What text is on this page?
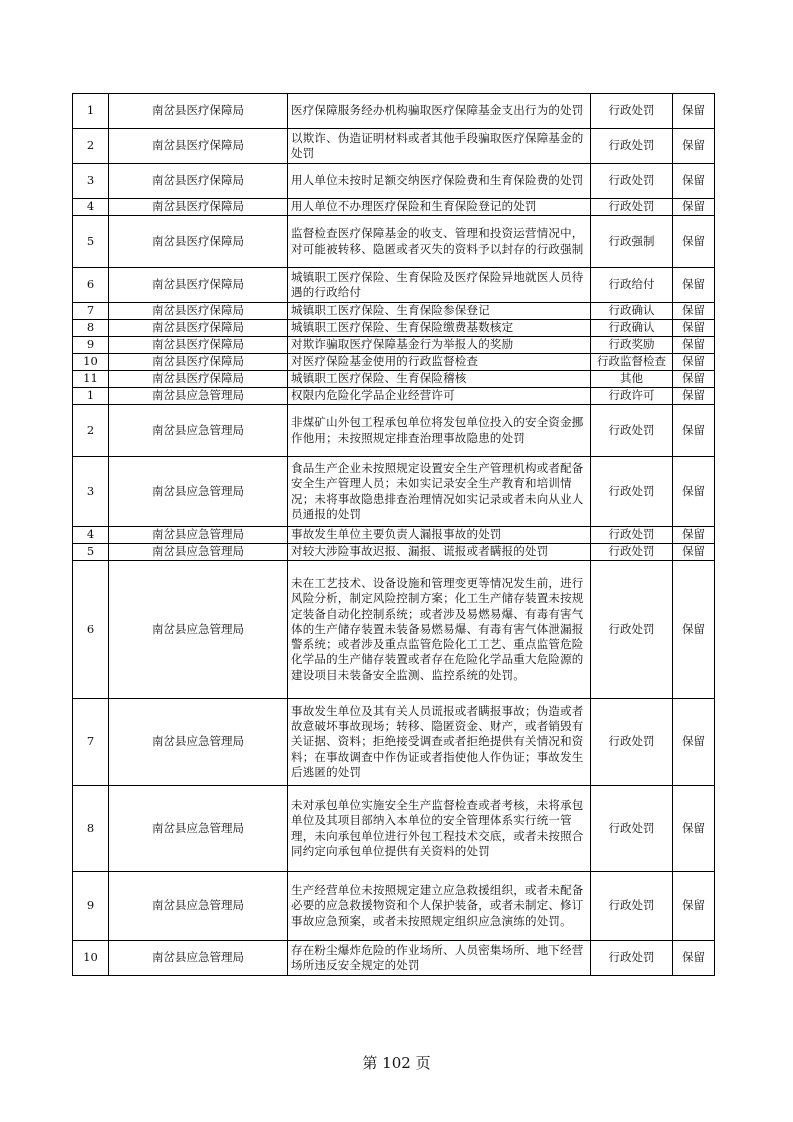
1	南岔县医疗保障局	医疗保障服务经办机构骗取医疗保障基金支出行为的处罚	行政处罚	保留
2	南岔县医疗保障局	以欺诈、伪造证明材料或者其他手段骗取医疗保障基金的处罚	行政处罚	保留
3	南岔县医疗保障局	用人单位未按时足额交纳医疗保险费和生育保险费的处罚	行政处罚	保留
4	南岔县医疗保障局	用人单位不办理医疗保险和生育保险登记的处罚	行政处罚	保留
5	南岔县医疗保障局	监督检查医疗保障基金的收支、管理和投资运营情况中，对可能被转移、隐匿或者灭失的资料予以封存的行政强制	行政强制	保留
6	南岔县医疗保障局	城镇职工医疗保险、生育保险及医疗保险异地就医人员待遇的行政给付	行政给付	保留
7	南岔县医疗保障局	城镇职工医疗保险、生育保险参保登记	行政确认	保留
8	南岔县医疗保障局	城镇职工医疗保险、生育保险缴费基数核定	行政确认	保留
9	南岔县医疗保障局	对欺诈骗取医疗保障基金行为举报人的奖励	行政奖励	保留
10	南岔县医疗保障局	对医疗保险基金使用的行政监督检查	行政监督检查	保留
11	南岔县医疗保障局	城镇职工医疗保险、生育保险稽核	其他	保留
1	南岔县应急管理局	权限内危险化学品企业经营许可	行政许可	保留
2	南岔县应急管理局	非煤矿山外包工程承包单位将发包单位投入的安全资金挪作他用；未按照规定排查治理事故隐患的处罚	行政处罚	保留
3	南岔县应急管理局	食品生产企业未按照规定设置安全生产管理机构或者配备安全生产管理人员；未如实记录安全生产教育和培训情况；未将事故隐患排查治理情况如实记录或者未向从业人员通报的处罚	行政处罚	保留
4	南岔县应急管理局	事故发生单位主要负责人漏报事故的处罚	行政处罚	保留
5	南岔县应急管理局	对较大涉险事故迟报、漏报、谎报或者瞒报的处罚	行政处罚	保留
6	南岔县应急管理局	未在工艺技术、设备设施和管理变更等情况发生前，进行风险分析，制定风险控制方案；化工生产储存装置未按规定装备自动化控制系统；或者涉及易燃易爆、有毒有害气体的生产储存装置未装备易燃易爆、有毒有害气体泄漏报警系统；或者涉及重点监管危险化工工艺、重点监管危险化学品的生产储存装置或者存在危险化学品重大危险源的建设项目未装备安全监测、监控系统的处罚。	行政处罚	保留
7	南岔县应急管理局	事故发生单位及其有关人员谎报或者瞒报事故；伪造或者故意破坏事故现场；转移、隐匿资金、财产，或者销毁有关证据、资料；拒绝接受调查或者拒绝提供有关情况和资料；在事故调查中作伪证或者指使他人作伪证；事故发生后逃匿的处罚	行政处罚	保留
8	南岔县应急管理局	未对承包单位实施安全生产监督检查或者考核，未将承包单位及其项目部纳入本单位的安全管理体系实行统一管理，未向承包单位进行外包工程技术交底，或者未按照合同约定向承包单位提供有关资料的处罚	行政处罚	保留
9	南岔县应急管理局	生产经营单位未按照规定建立应急救援组织，或者未配备必要的应急救援物资和个人保护装备，或者未制定、修订事故应急预案，或者未按照规定组织应急演练的处罚。	行政处罚	保留
10	南岔县应急管理局	存在粉尘爆炸危险的作业场所、人员密集场所、地下经营场所违反安全规定的处罚	行政处罚	保留
第 102 页
